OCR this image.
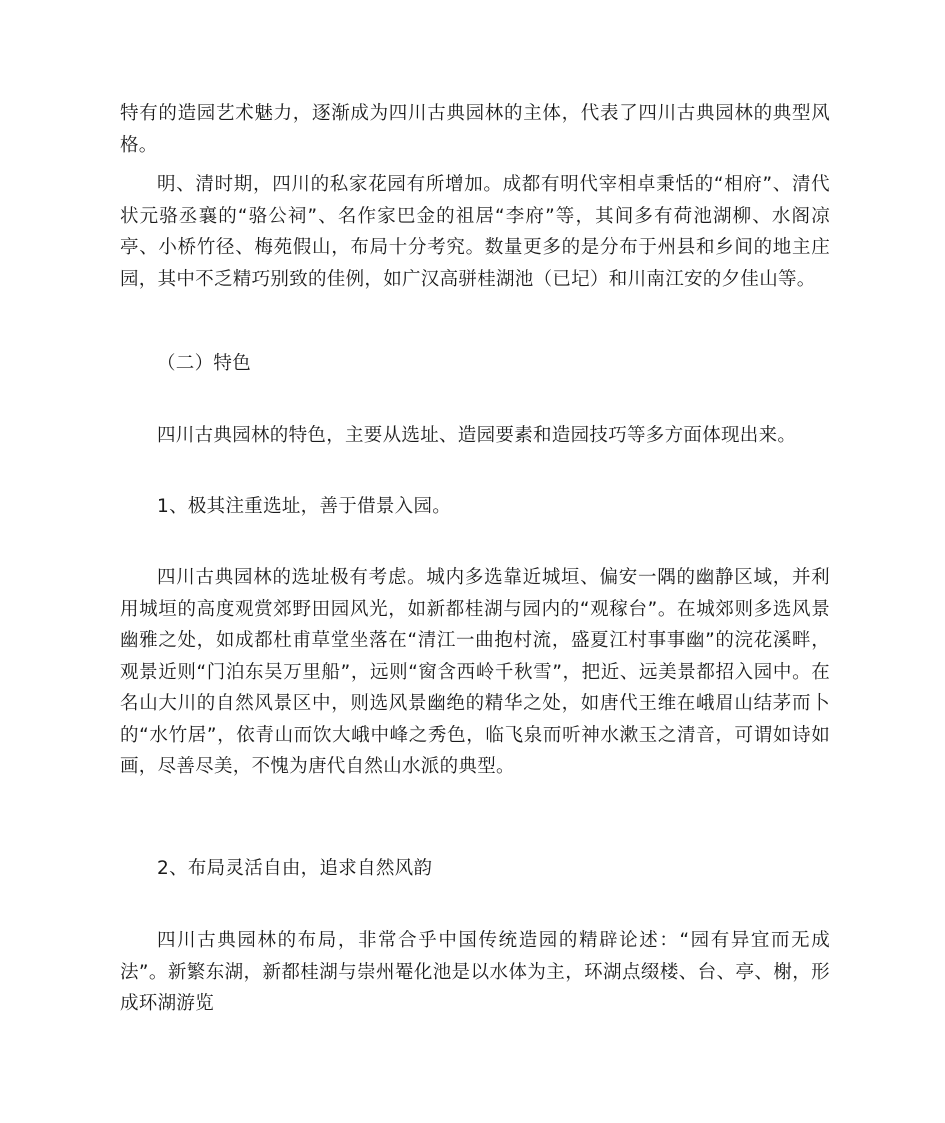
特有的造园艺术魅力，逐渐成为四川古典园林的主体，代表了四川古典园林的典型风格。

明、清时期，四川的私家花园有所增加。成都有明代宰相卓秉恬的“相府”、清代状元骆丞襄的“骆公祠”、名作家巴金的祖居“李府”等，其间多有荷池湖柳、水阁凉亭、小桥竹径、梅苑假山，布局十分考究。数量更多的是分布于州县和乡间的地主庄园，其中不乏精巧别致的佳例，如广汉高骈桂湖池（已圮）和川南江安的夕佳山等。

（二）特色

四川古典园林的特色，主要从选址、造园要素和造园技巧等多方面体现出来。

1、极其注重选址，善于借景入园。

四川古典园林的选址极有考虑。城内多选靠近城垣、偏安一隅的幽静区域，并利用城垣的高度观赏郊野田园风光，如新都桂湖与园内的“观稼台”。在城郊则多选风景幽雅之处，如成都杜甫草堂坐落在“清江一曲抱村流，盛夏江村事事幽”的浣花溪畔，观景近则“门泊东吴万里船”，远则“窗含西岭千秋雪”，把近、远美景都招入园中。在名山大川的自然风景区中，则选风景幽绝的精华之处，如唐代王维在峨眉山结茅而卜的“水竹居”，依青山而饮大峨中峰之秀色，临飞泉而听神水漱玉之清音，可谓如诗如画，尽善尽美，不愧为唐代自然山水派的典型。

2、布局灵活自由，追求自然风韵

四川古典园林的布局，非常合乎中国传统造园的精辟论述：“园有异宜而无成法”。新繁东湖，新都桂湖与崇州罨化池是以水体为主，环湖点缀楼、台、亭、榭，形成环湖游览
